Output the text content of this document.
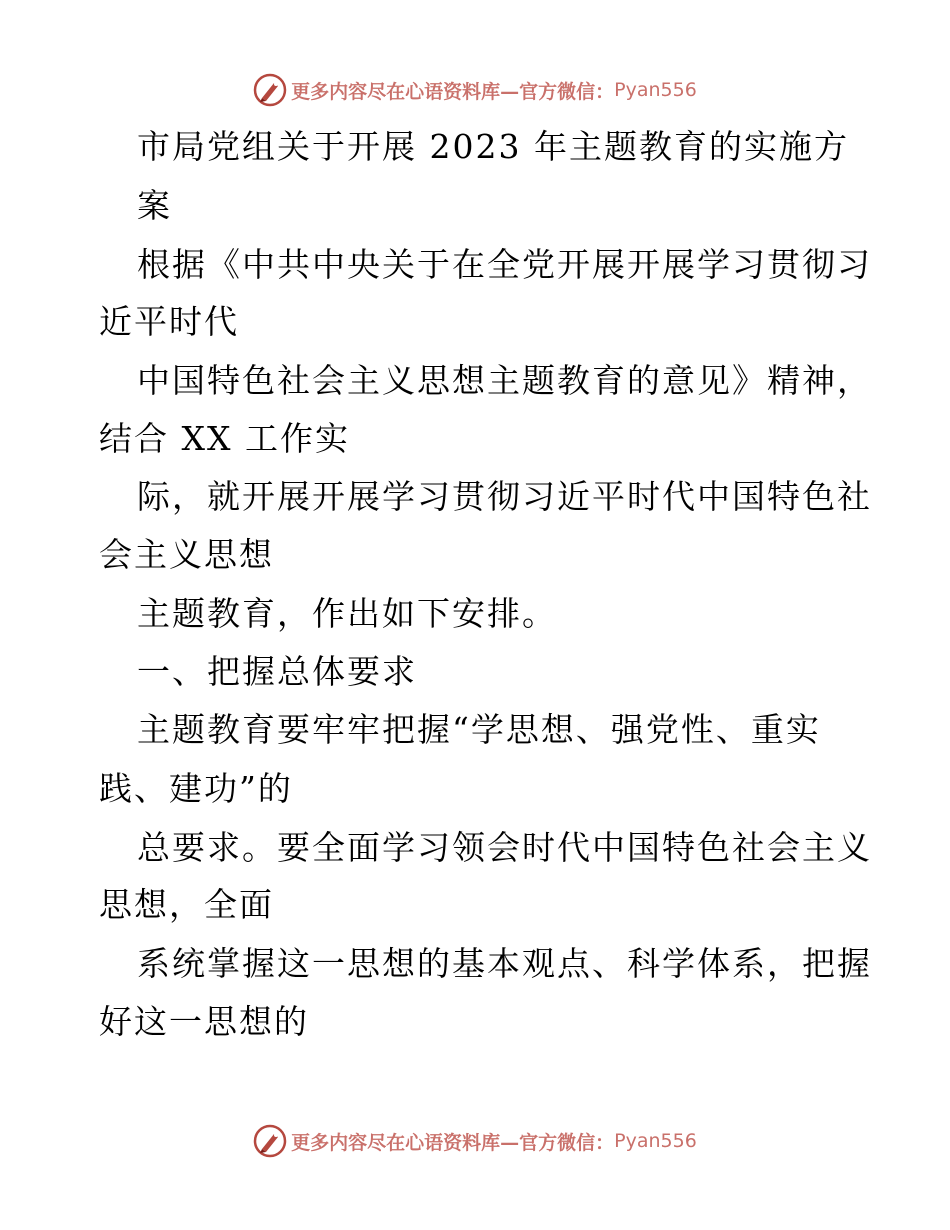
更多内容尽在心语资料库—官方微信： Pyan556
市局党组关于开展 2023 年主题教育的实施方
案
根据《中共中央关于在全党开展开展学习贯彻习
近平时代
中国特色社会主义思想主题教育的意见》精神，
结合 XX 工作实
际，就开展开展学习贯彻习近平时代中国特色社
会主义思想
主题教育，作出如下安排。
一、把握总体要求
主题教育要牢牢把握“学思想、强党性、重实
践、建功”的
总要求。要全面学习领会时代中国特色社会主义
思想，全面
系统掌握这一思想的基本观点、科学体系，把握
好这一思想的
更多内容尽在心语资料库—官方微信： Pyan556
